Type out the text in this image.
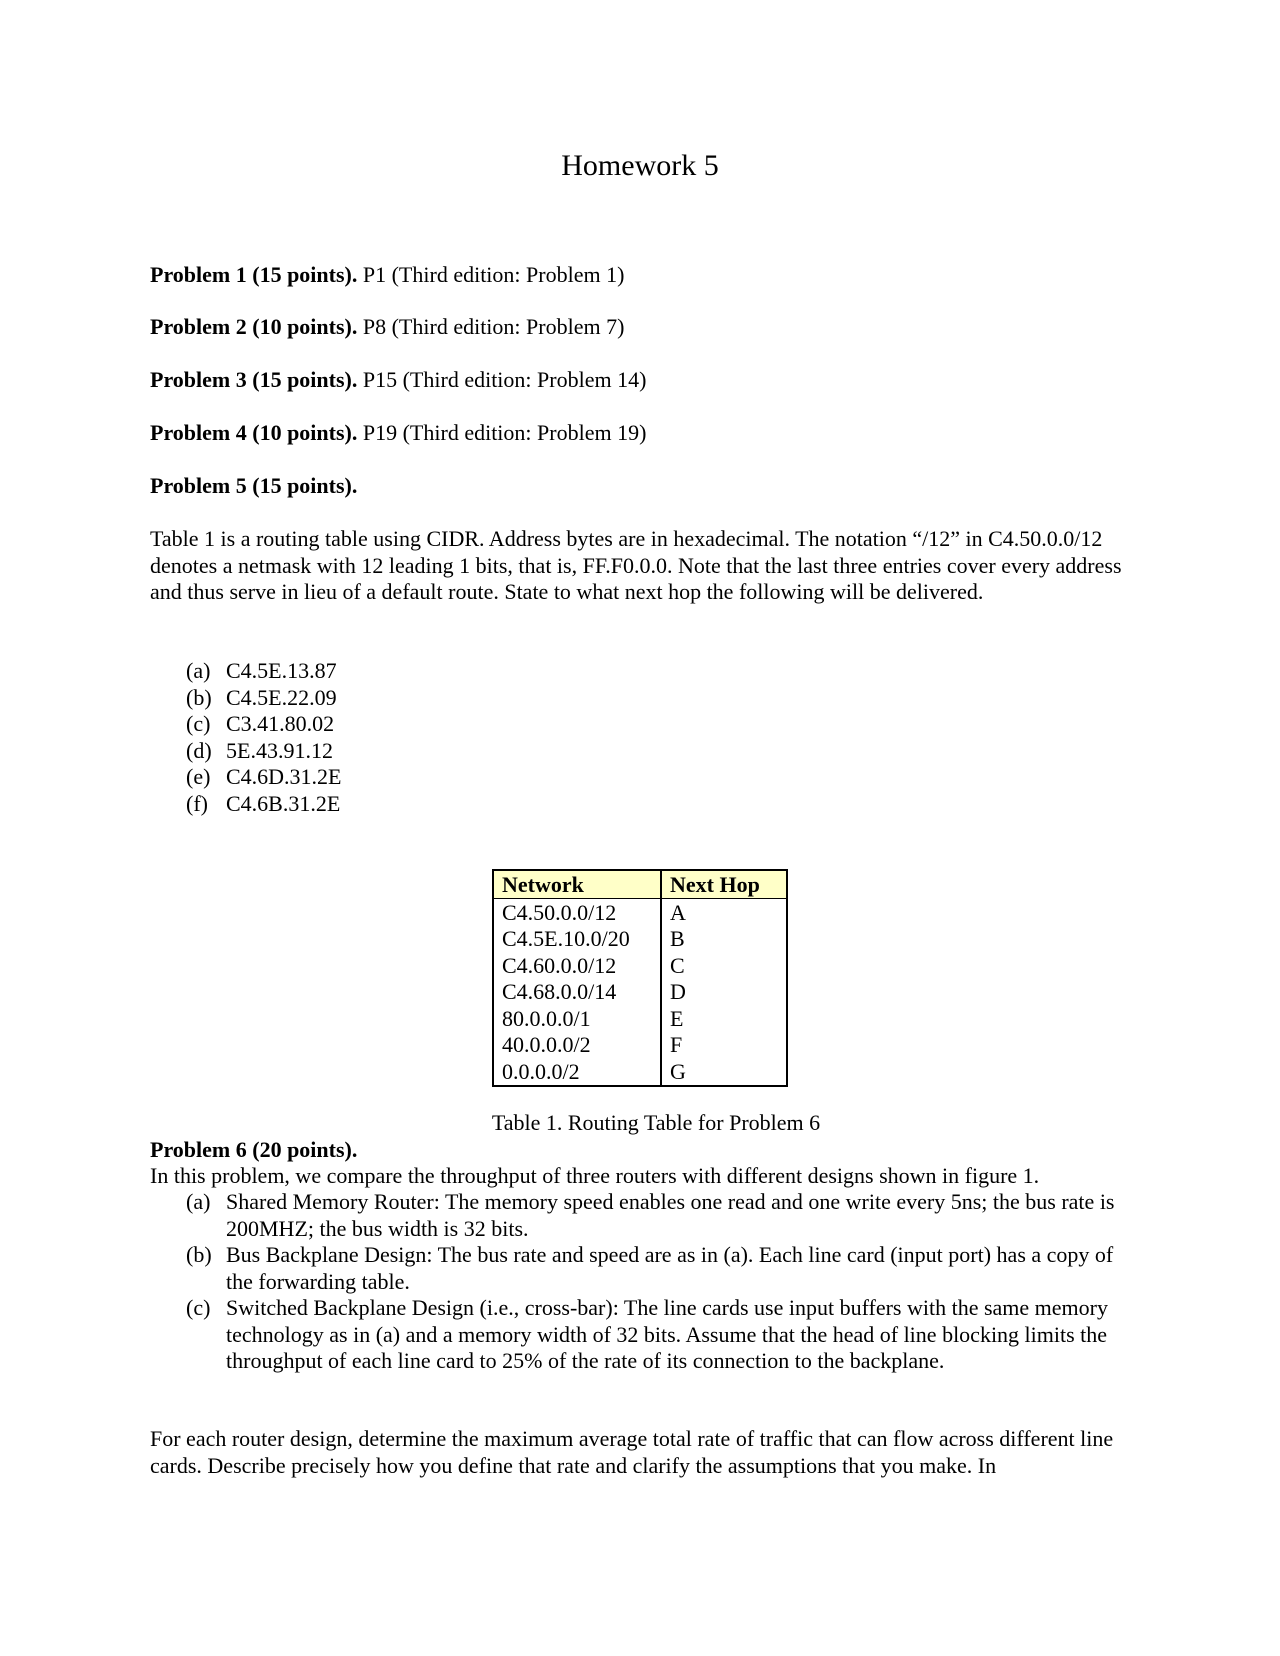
Homework 5
Problem 1 (15 points). P1 (Third edition: Problem 1)
Problem 2 (10 points). P8 (Third edition: Problem 7)
Problem 3 (15 points). P15 (Third edition: Problem 14)
Problem 4 (10 points). P19 (Third edition: Problem 19)
Problem 5 (15 points).
Table 1 is a routing table using CIDR. Address bytes are in hexadecimal. The notation “/12” in C4.50.0.0/12 denotes a netmask with 12 leading 1 bits, that is, FF.F0.0.0. Note that the last three entries cover every address and thus serve in lieu of a default route. State to what next hop the following will be delivered.
(a) C4.5E.13.87
(b) C4.5E.22.09
(c) C3.41.80.02
(d) 5E.43.91.12
(e) C4.6D.31.2E
(f) C4.6B.31.2E
Network	Next Hop
C4.50.0.0/12	A
C4.5E.10.0/20	B
C4.60.0.0/12	C
C4.68.0.0/14	D
80.0.0.0/1	E
40.0.0.0/2	F
0.0.0.0/2	G
Table 1. Routing Table for Problem 6
Problem 6 (20 points).
In this problem, we compare the throughput of three routers with different designs shown in figure 1.
(a) Shared Memory Router: The memory speed enables one read and one write every 5ns; the bus rate is 200MHZ; the bus width is 32 bits.
(b) Bus Backplane Design: The bus rate and speed are as in (a). Each line card (input port) has a copy of the forwarding table.
(c) Switched Backplane Design (i.e., cross-bar): The line cards use input buffers with the same memory technology as in (a) and a memory width of 32 bits. Assume that the head of line blocking limits the throughput of each line card to 25% of the rate of its connection to the backplane.
For each router design, determine the maximum average total rate of traffic that can flow across different line cards. Describe precisely how you define that rate and clarify the assumptions that you make. In
